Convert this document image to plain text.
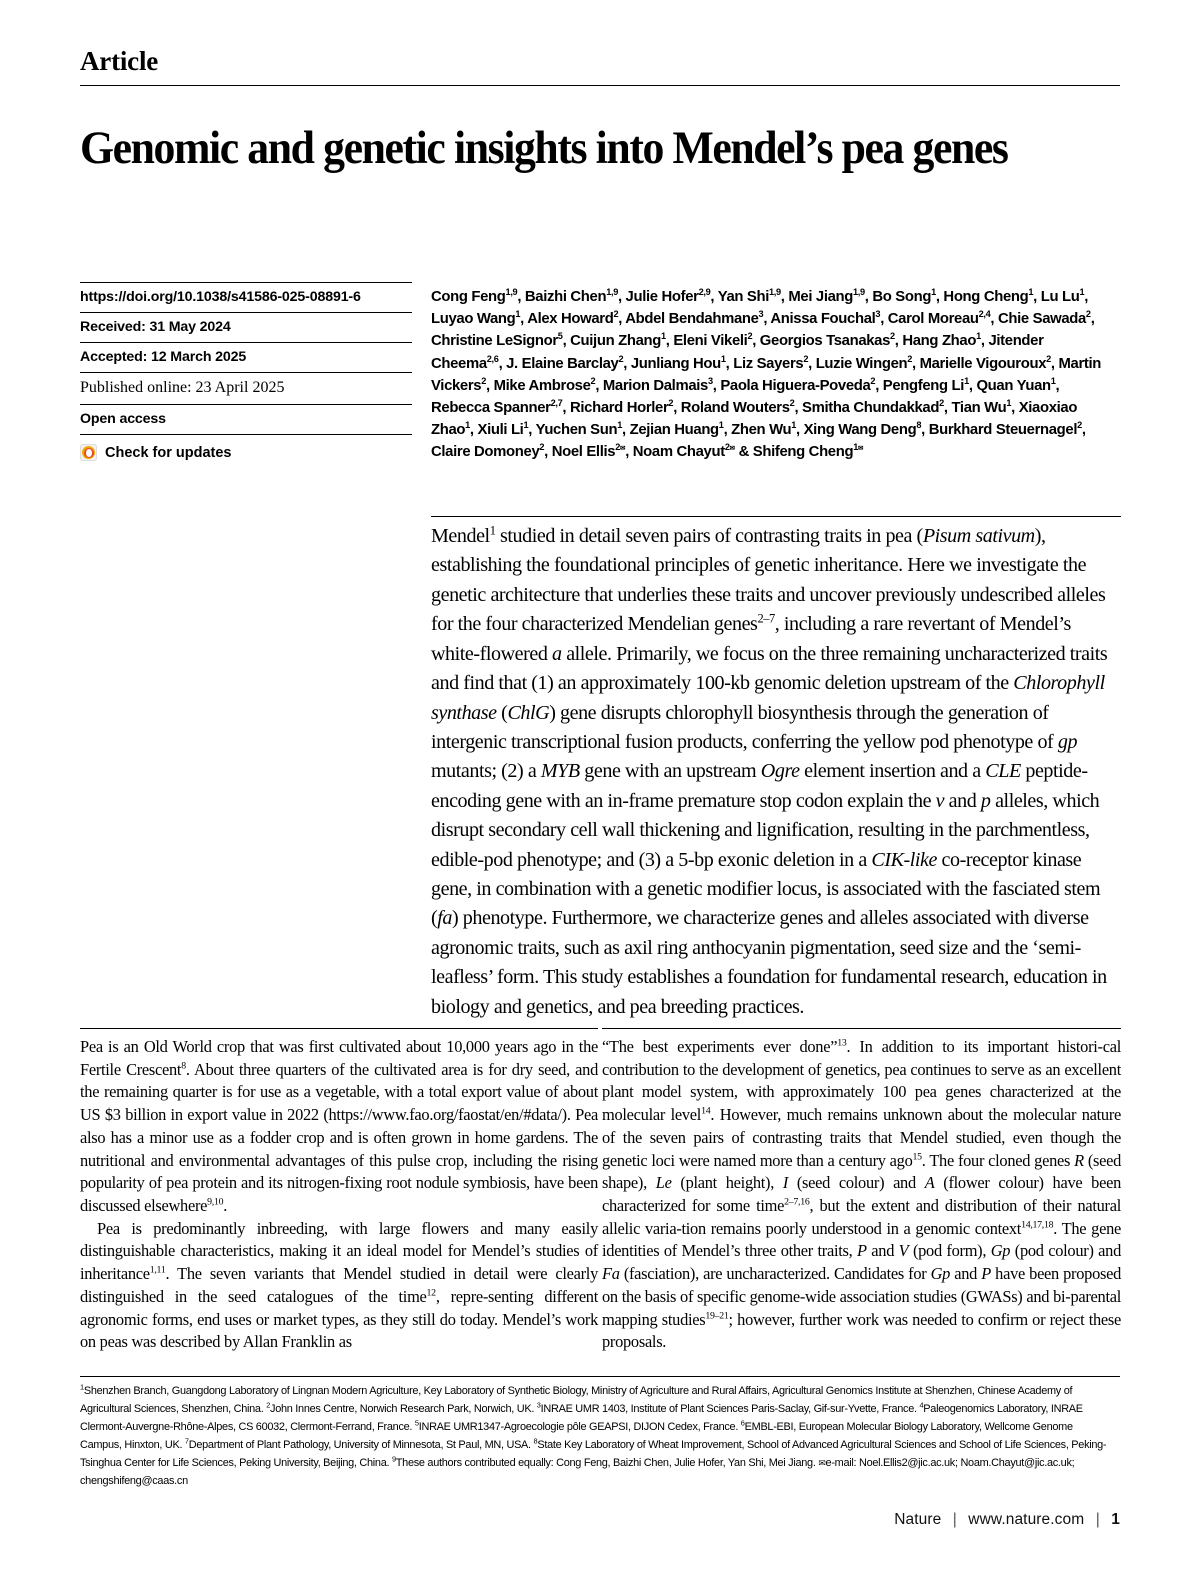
Article
Genomic and genetic insights into Mendel’s pea genes
https://doi.org/10.1038/s41586-025-08891-6
Received: 31 May 2024
Accepted: 12 March 2025
Published online: 23 April 2025
Open access
Check for updates
Cong Feng$^{1,9}$, Baizhi Chen$^{1,9}$, Julie Hofer$^{2,9}$, Yan Shi$^{1,9}$, Mei Jiang$^{1,9}$, Bo Song$^1$, Hong Cheng$^1$, Lu Lu$^1$, Luyao Wang$^1$, Alex Howard$^2$, Abdel Bendahmane$^3$, Anissa Fouchal$^3$, Carol Moreau$^{2,4}$, Chie Sawada$^2$, Christine LeSignor$^5$, Cuijun Zhang$^1$, Eleni Vikeli$^2$, Georgios Tsanakas$^2$, Hang Zhao$^1$, Jitender Cheema$^{2,6}$, J. Elaine Barclay$^2$, Junliang Hou$^1$, Liz Sayers$^2$, Luzie Wingen$^2$, Marielle Vigouroux$^2$, Martin Vickers$^2$, Mike Ambrose$^2$, Marion Dalmais$^3$, Paola Higuera-Poveda$^2$, Pengfeng Li$^1$, Quan Yuan$^1$, Rebecca Spanner$^{2,7}$, Richard Horler$^2$, Roland Wouters$^2$, Smitha Chundakkad$^2$, Tian Wu$^1$, Xiaoxiao Zhao$^1$, Xiuli Li$^1$, Yuchen Sun$^1$, Zejian Huang$^1$, Zhen Wu$^1$, Xing Wang Deng$^8$, Burkhard Steuernagel$^2$, Claire Domoney$^2$, Noel Ellis$^{2✉}$, Noam Chayut$^{2✉}$ & Shifeng Cheng$^{1✉}$
Mendel$^1$ studied in detail seven pairs of contrasting traits in pea (Pisum sativum), establishing the foundational principles of genetic inheritance. Here we investigate the genetic architecture that underlies these traits and uncover previously undescribed alleles for the four characterized Mendelian genes$^{2-7}$, including a rare revertant of Mendel’s white-flowered a allele. Primarily, we focus on the three remaining uncharacterized traits and find that (1) an approximately 100-kb genomic deletion upstream of the Chlorophyll synthase (ChlG) gene disrupts chlorophyll biosynthesis through the generation of intergenic transcriptional fusion products, conferring the yellow pod phenotype of gp mutants; (2) a MYB gene with an upstream Ogre element insertion and a CLE peptide-encoding gene with an in-frame premature stop codon explain the v and p alleles, which disrupt secondary cell wall thickening and lignification, resulting in the parchmentless, edible-pod phenotype; and (3) a 5-bp exonic deletion in a CIK-like co-receptor kinase gene, in combination with a genetic modifier locus, is associated with the fasciated stem (fa) phenotype. Furthermore, we characterize genes and alleles associated with diverse agronomic traits, such as axil ring anthocyanin pigmentation, seed size and the ‘semi-leafless’ form. This study establishes a foundation for fundamental research, education in biology and genetics, and pea breeding practices.

Pea is an Old World crop that was first cultivated about 10,000 years ago in the Fertile Crescent$^8$. About three quarters of the cultivated area is for dry seed, and the remaining quarter is for use as a vegetable, with a total export value of about US $3 billion in export value in 2022 (https://www.fao.org/faostat/en/#data/). Pea also has a minor use as a fodder crop and is often grown in home gardens. The nutritional and environmental advantages of this pulse crop, including the rising popularity of pea protein and its nitrogen-fixing root nodule symbiosis, have been discussed elsewhere$^{9,10}$.

Pea is predominantly inbreeding, with large flowers and many easily distinguishable characteristics, making it an ideal model for Mendel’s studies of inheritance$^{1,11}$. The seven variants that Mendel studied in detail were clearly distinguished in the seed catalogues of the time$^{12}$, repre-senting different agronomic forms, end uses or market types, as they still do today. Mendel’s work on peas was described by Allan Franklin as

“The best experiments ever done”$^{13}$. In addition to its important histori-cal contribution to the development of genetics, pea continues to serve as an excellent plant model system, with approximately 100 pea genes characterized at the molecular level$^{14}$. However, much remains unknown about the molecular nature of the seven pairs of contrasting traits that Mendel studied, even though the genetic loci were named more than a century ago$^{15}$. The four cloned genes R (seed shape), Le (plant height), I (seed colour) and A (flower colour) have been characterized for some time$^{2-7,16}$, but the extent and distribution of their natural allelic varia-tion remains poorly understood in a genomic context$^{14,17,18}$. The gene identities of Mendel’s three other traits, P and V (pod form), Gp (pod colour) and Fa (fasciation), are uncharacterized. Candidates for Gp and P have been proposed on the basis of specific genome-wide association studies (GWASs) and bi-parental mapping studies$^{19-21}$; however, further work was needed to confirm or reject these proposals.

$^1$Shenzhen Branch, Guangdong Laboratory of Lingnan Modern Agriculture, Key Laboratory of Synthetic Biology, Ministry of Agriculture and Rural Affairs, Agricultural Genomics Institute at Shenzhen, Chinese Academy of Agricultural Sciences, Shenzhen, China. $^2$John Innes Centre, Norwich Research Park, Norwich, UK. $^3$INRAE UMR 1403, Institute of Plant Sciences Paris-Saclay, Gif-sur-Yvette, France. $^4$Paleogenomics Laboratory, INRAE Clermont-Auvergne-Rhône-Alpes, CS 60032, Clermont-Ferrand, France. $^5$INRAE UMR1347-Agroecologie pôle GEAPSI, DIJON Cedex, France. $^6$EMBL-EBI, European Molecular Biology Laboratory, Wellcome Genome Campus, Hinxton, UK. $^7$Department of Plant Pathology, University of Minnesota, St Paul, MN, USA. $^8$State Key Laboratory of Wheat Improvement, School of Advanced Agricultural Sciences and School of Life Sciences, Peking-Tsinghua Center for Life Sciences, Peking University, Beijing, China. $^9$These authors contributed equally: Cong Feng, Baizhi Chen, Julie Hofer, Yan Shi, Mei Jiang. ✉e-mail: Noel.Ellis2@jic.ac.uk; Noam.Chayut@jic.ac.uk; chengshifeng@caas.cn
Nature | www.nature.com | 1
